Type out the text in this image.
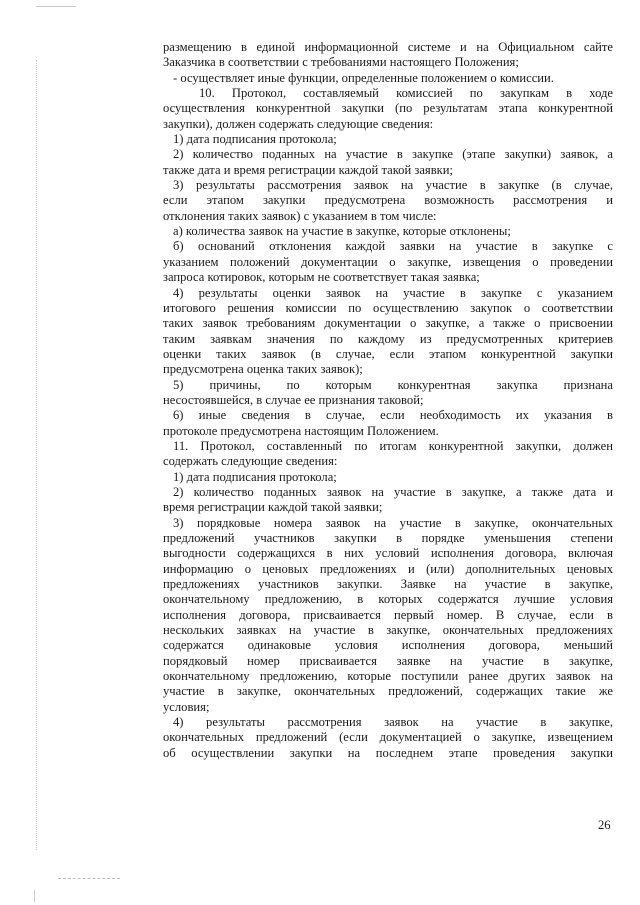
размещению в единой информационной системе и на Официальном сайте
Заказчика в соответствии с требованиями настоящего Положения;
- осуществляет иные функции, определенные положением о комиссии.
10. Протокол, составляемый комиссией по закупкам в ходе
осуществления конкурентной закупки (по результатам этапа конкурентной
закупки), должен содержать следующие сведения:
1) дата подписания протокола;
2) количество поданных на участие в закупке (этапе закупки) заявок, а
также дата и время регистрации каждой такой заявки;
3) результаты рассмотрения заявок на участие в закупке (в случае,
если этапом закупки предусмотрена возможность рассмотрения и
отклонения таких заявок) с указанием в том числе:
а) количества заявок на участие в закупке, которые отклонены;
б) оснований отклонения каждой заявки на участие в закупке с
указанием положений документации о закупке, извещения о проведении
запроса котировок, которым не соответствует такая заявка;
4) результаты оценки заявок на участие в закупке с указанием
итогового решения комиссии по осуществлению закупок о соответствии
таких заявок требованиям документации о закупке, а также о присвоении
таким заявкам значения по каждому из предусмотренных критериев
оценки таких заявок (в случае, если этапом конкурентной закупки
предусмотрена оценка таких заявок);
5) причины, по которым конкурентная закупка признана
несостоявшейся, в случае ее признания таковой;
6) иные сведения в случае, если необходимость их указания в
протоколе предусмотрена настоящим Положением.
11. Протокол, составленный по итогам конкурентной закупки, должен
содержать следующие сведения:
1) дата подписания протокола;
2) количество поданных заявок на участие в закупке, а также дата и
время регистрации каждой такой заявки;
3) порядковые номера заявок на участие в закупке, окончательных
предложений участников закупки в порядке уменьшения степени
выгодности содержащихся в них условий исполнения договора, включая
информацию о ценовых предложениях и (или) дополнительных ценовых
предложениях участников закупки. Заявке на участие в закупке,
окончательному предложению, в которых содержатся лучшие условия
исполнения договора, присваивается первый номер. В случае, если в
нескольких заявках на участие в закупке, окончательных предложениях
содержатся одинаковые условия исполнения договора, меньший
порядковый номер присваивается заявке на участие в закупке,
окончательному предложению, которые поступили ранее других заявок на
участие в закупке, окончательных предложений, содержащих такие же
условия;
4) результаты рассмотрения заявок на участие в закупке,
окончательных предложений (если документацией о закупке, извещением
об осуществлении закупки на последнем этапе проведения закупки
26
